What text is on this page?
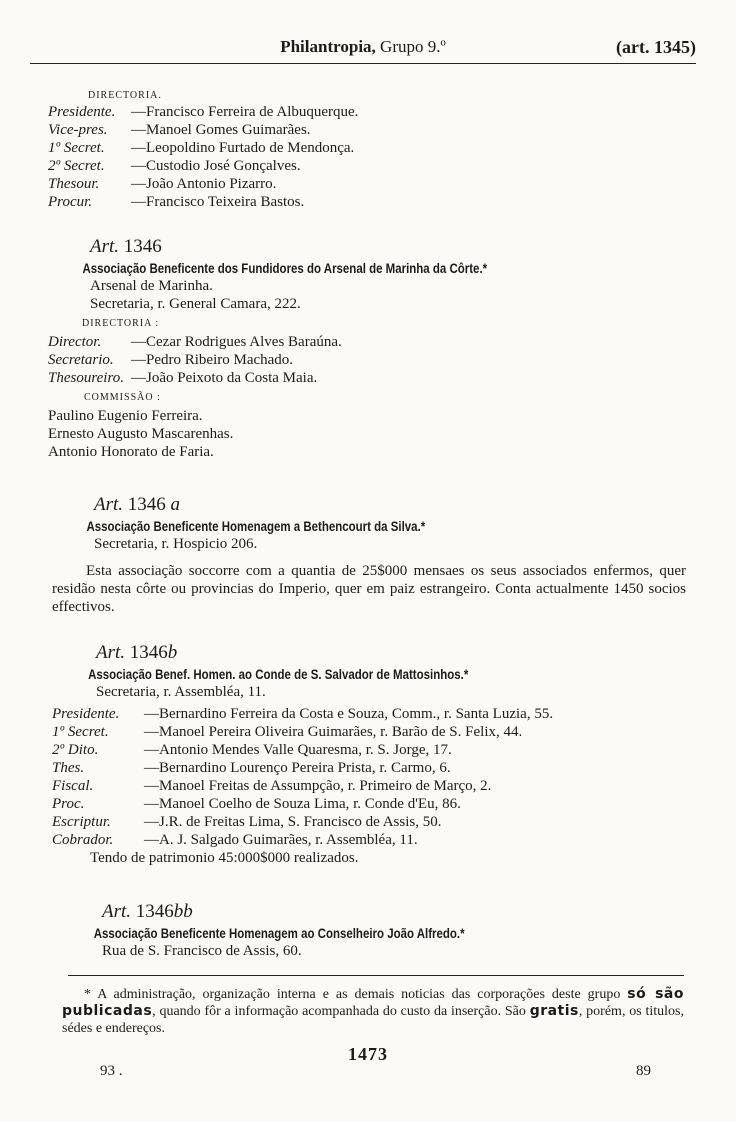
Philantropia, Grupo 9.º	(art. 1345)
DIRECTORIA.
Presidente. —Francisco Ferreira de Albuquerque.
Vice-pres. —Manoel Gomes Guimarães.
1º Secret. —Leopoldino Furtado de Mendonça.
2º Secret. —Custodio José Gonçalves.
Thesour. —João Antonio Pizarro.
Procur.	—Francisco Teixeira Bastos.
Art. 1346
Associação Beneficente dos Fundidores do Arsenal de Marinha da Côrte.*
Arsenal de Marinha.
Secretaria, r. General Camara, 222.
DIRECTORIA :
Director. —Cezar Rodrigues Alves Baraúna.
Secretario. —Pedro Ribeiro Machado.
Thesoureiro. —João Peixoto da Costa Maia.
COMMISSÃO :
Paulino Eugenio Ferreira.
Ernesto Augusto Mascarenhas.
Antonio Honorato de Faria.
Art. 1346 a
Associação Beneficente Homenagem a Bethencourt da Silva.*
Secretaria, r. Hospicio 206.
Esta associação soccorre com a quantia de 25$000 mensaes os seus associados enfermos, quer residão nesta côrte ou provincias do Imperio, quer em paiz estrangeiro. Conta actualmente 1450 socios effectivos.
Art. 1346b
Associação Benef. Homen. ao Conde de S. Salvador de Mattosinhos.*
Secretaria, r. Assembléa, 11.
Presidente. —Bernardino Ferreira da Costa e Souza, Comm., r. Santa Luzia, 55.
1º Secret. —Manoel Pereira Oliveira Guimarães, r. Barão de S. Felix, 44.
2º Dito.	—Antonio Mendes Valle Quaresma, r. S. Jorge, 17.
Thes.	—Bernardino Lourenço Pereira Prista, r. Carmo, 6.
Fiscal.	—Manoel Freitas de Assumpção, r. Primeiro de Março, 2.
Proc.	—Manoel Coelho de Souza Lima, r. Conde d'Eu, 86.
Escriptur. —J.R. de Freitas Lima, S. Francisco de Assis, 50.
Cobrador. —A. J. Salgado Guimarães, r. Assembléa, 11.
Tendo de patrimonio 45:000$000 realizados.
Art. 1346bb
Associação Beneficente Homenagem ao Conselheiro João Alfredo.*
Rua de S. Francisco de Assis, 60.
* A administração, organização interna e as demais noticias das corporações deste grupo só são publicadas, quando fôr a informação acompanhada do custo da inserção. São gratis, porém, os titulos, sédes e endereços.
1473
93 .	89
